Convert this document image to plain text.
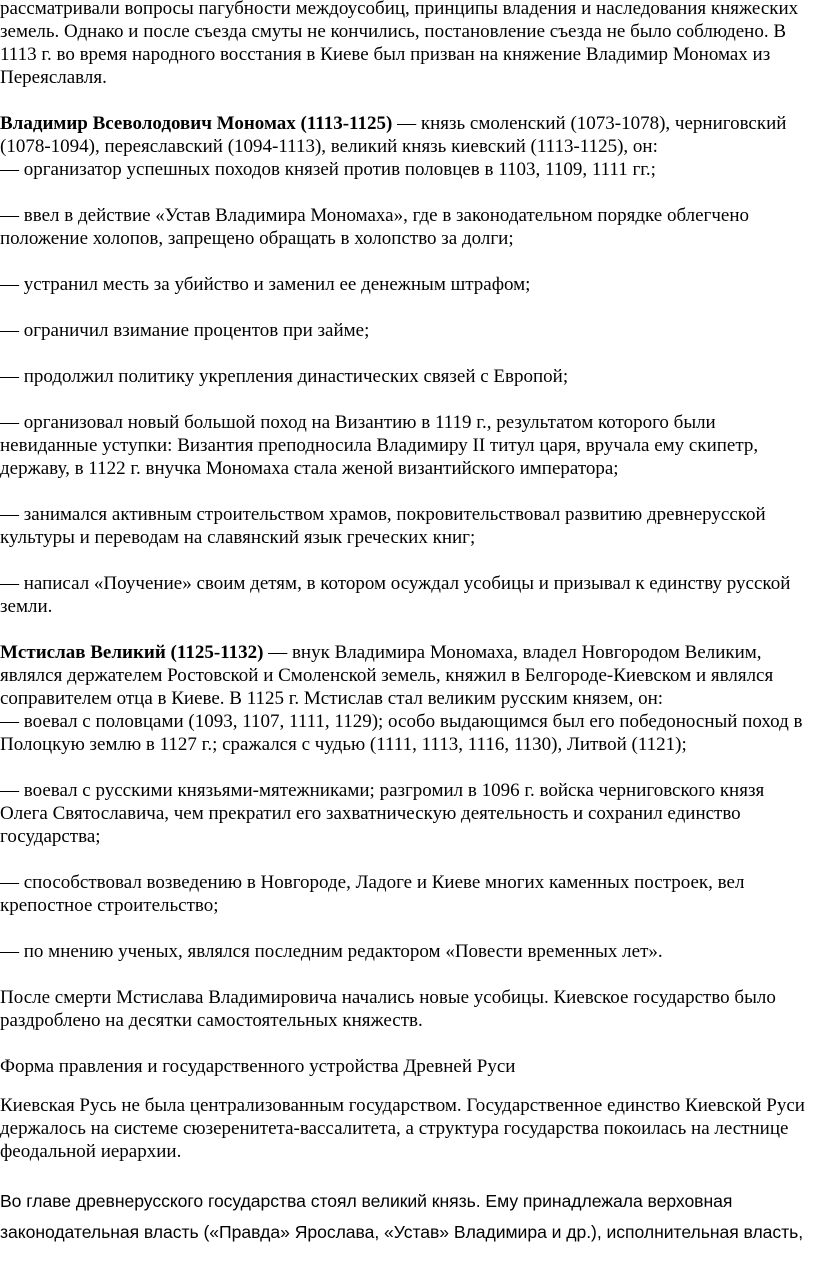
рассматривали вопросы пагубности междоусобиц, принципы владения и наследования княжеских земель. Однако и после съезда смуты не кончились, постановление съезда не было соблюдено. В 1113 г. во время народного восстания в Киеве был призван на княжение Владимир Мономах из Переяславля.

Владимир Всеволодович Мономах (1113-1125) — князь смоленский (1073-1078), черниговский (1078-1094), переяславский (1094-1113), великий князь киевский (1113-1125), он:

— организатор успешных походов князей против половцев в 1103, 1109, 1111 гг.;

— ввел в действие «Устав Владимира Мономаха», где в законодательном порядке облегчено положение холопов, запрещено обращать в холопство за долги;

— устранил месть за убийство и заменил ее денежным штрафом;

— ограничил взимание процентов при займе;

— продолжил политику укрепления династических связей с Европой;

— организовал новый большой поход на Византию в 1119 г., результатом которого были невиданные уступки: Византия преподносила Владимиру II титул царя, вручала ему скипетр, державу, в 1122 г. внучка Мономаха стала женой византийского императора;

— занимался активным строительством храмов, покровительствовал развитию древнерусской культуры и переводам на славянский язык греческих книг;

— написал «Поучение» своим детям, в котором осуждал усобицы и призывал к единству русской земли.

Мстислав Великий (1125-1132) — внук Владимира Мономаха, владел Новгородом Великим, являлся держателем Ростовской и Смоленской земель, княжил в Белгороде-Киевском и являлся соправителем отца в Киеве. В 1125 г. Мстислав стал великим русским князем, он:

— воевал с половцами (1093, 1107, 1111, 1129); особо выдающимся был его победоносный поход в Полоцкую землю в 1127 г.; сражался с чудью (1111, 1113, 1116, 1130), Литвой (1121);

— воевал с русскими князьями-мятежниками; разгромил в 1096 г. войска черниговского князя Олега Святославича, чем прекратил его захватническую деятельность и сохранил единство государства;

— способствовал возведению в Новгороде, Ладоге и Киеве многих каменных построек, вел крепостное строительство;

— по мнению ученых, являлся последним редактором «Повести временных лет».

После смерти Мстислава Владимировича начались новые усобицы. Киевское государство было раздроблено на десятки самостоятельных княжеств.

Форма правления и государственного устройства Древней Руси

Киевская Русь не была централизованным государством. Государственное единство Киевской Руси держалось на системе сюзеренитета-вассалитета, а структура государства покоилась на лестнице феодальной иерархии.

Во главе древнерусского государства стоял великий князь. Ему принадлежала верховная законодательная власть («Правда» Ярослава, «Устав» Владимира и др.), исполнительная власть,
